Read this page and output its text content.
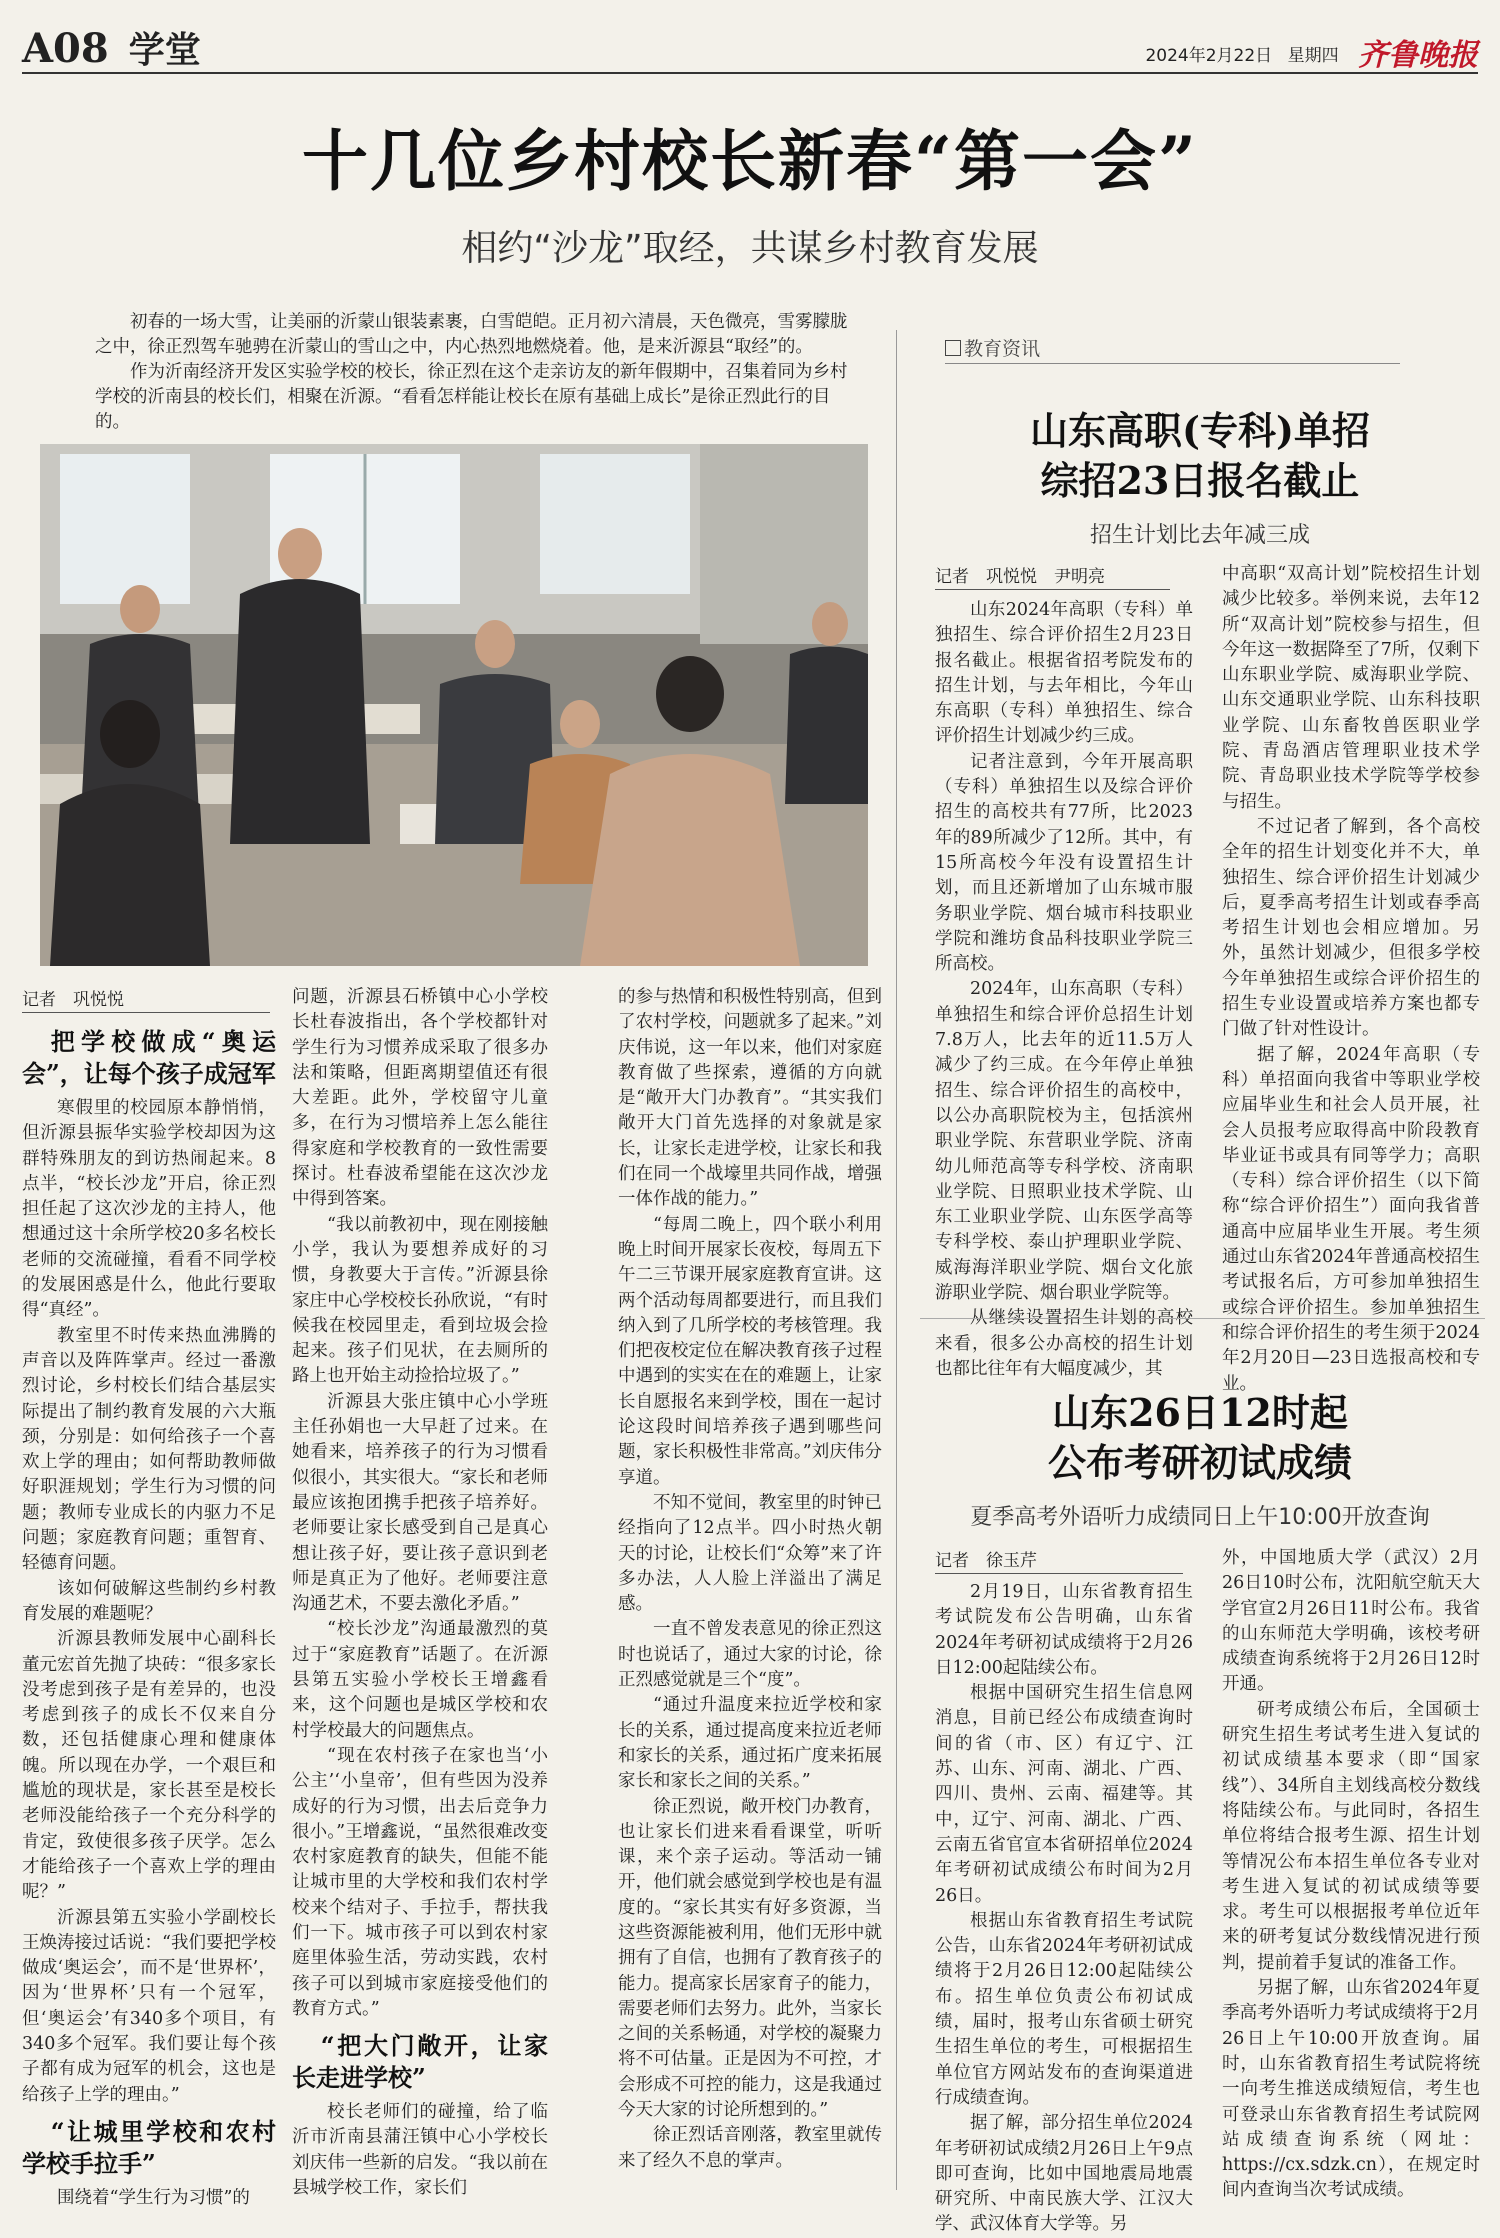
A08 学堂	2024年2月22日 星期四 齐鲁晚报
十几位乡村校长新春“第一会”
相约“沙龙”取经，共谋乡村教育发展

初春的一场大雪，让美丽的沂蒙山银装素裹，白雪皑皑。正月初六清晨，天色微亮，雪雾朦胧之中，徐正烈驾车驰骋在沂蒙山的雪山之中，内心热烈地燃烧着。他，是来沂源县“取经”的。

作为沂南经济开发区实验学校的校长，徐正烈在这个走亲访友的新年假期中，召集着同为乡村学校的沂南县的校长们，相聚在沂源。“看看怎样能让校长在原有基础上成长”是徐正烈此行的目的。

记者　巩悦悦
把学校做成“奥运会”，让每个孩子成冠军

寒假里的校园原本静悄悄，但沂源县振华实验学校却因为这群特殊朋友的到访热闹起来。8点半，“校长沙龙”开启，徐正烈担任起了这次沙龙的主持人，他想通过这十余所学校20多名校长老师的交流碰撞，看看不同学校的发展困惑是什么，他此行要取得“真经”。

教室里不时传来热血沸腾的声音以及阵阵掌声。经过一番激烈讨论，乡村校长们结合基层实际提出了制约教育发展的六大瓶颈，分别是：如何给孩子一个喜欢上学的理由；如何帮助教师做好职涯规划；学生行为习惯的问题；教师专业成长的内驱力不足问题；家庭教育问题；重智育、轻德育问题。

该如何破解这些制约乡村教育发展的难题呢？

沂源县教师发展中心副科长董元宏首先抛了块砖：“很多家长没考虑到孩子是有差异的，也没考虑到孩子的成长不仅来自分数，还包括健康心理和健康体魄。所以现在办学，一个艰巨和尴尬的现状是，家长甚至是校长老师没能给孩子一个充分科学的肯定，致使很多孩子厌学。怎么才能给孩子一个喜欢上学的理由呢？”

沂源县第五实验小学副校长王焕涛接过话说：“我们要把学校做成‘奥运会’，而不是‘世界杯’，因为‘世界杯’只有一个冠军，但‘奥运会’有340多个项目，有340多个冠军。我们要让每个孩子都有成为冠军的机会，这也是给孩子上学的理由。”

“让城里学校和农村学校手拉手”

围绕着“学生行为习惯”的

问题，沂源县石桥镇中心小学校长杜春波指出，各个学校都针对学生行为习惯养成采取了很多办法和策略，但距离期望值还有很大差距。此外，学校留守儿童多，在行为习惯培养上怎么能往得家庭和学校教育的一致性需要探讨。杜春波希望能在这次沙龙中得到答案。

“我以前教初中，现在刚接触小学，我认为要想养成好的习惯，身教要大于言传。”沂源县徐家庄中心学校校长孙欣说，“有时候我在校园里走，看到垃圾会捡起来。孩子们见状，在去厕所的路上也开始主动捡拾垃圾了。”

沂源县大张庄镇中心小学班主任孙娟也一大早赶了过来。在她看来，培养孩子的行为习惯看似很小，其实很大。“家长和老师最应该抱团携手把孩子培养好。老师要让家长感受到自己是真心想让孩子好，要让孩子意识到老师是真正为了他好。老师要注意沟通艺术，不要去激化矛盾。”

“校长沙龙”沟通最激烈的莫过于“家庭教育”话题了。在沂源县第五实验小学校长王增鑫看来，这个问题也是城区学校和农村学校最大的问题焦点。

“现在农村孩子在家也当‘小公主’‘小皇帝’，但有些因为没养成好的行为习惯，出去后竞争力很小。”王增鑫说，“虽然很难改变农村家庭教育的缺失，但能不能让城市里的大学校和我们农村学校来个结对子、手拉手，帮扶我们一下。城市孩子可以到农村家庭里体验生活，劳动实践，农村孩子可以到城市家庭接受他们的教育方式。”

“把大门敞开，让家长走进学校”

校长老师们的碰撞，给了临沂市沂南县蒲汪镇中心小学校长刘庆伟一些新的启发。“我以前在县城学校工作，家长们

的参与热情和积极性特别高，但到了农村学校，问题就多了起来。”刘庆伟说，这一年以来，他们对家庭教育做了些探索，遵循的方向就是“敞开大门办教育”。“其实我们敞开大门首先选择的对象就是家长，让家长走进学校，让家长和我们在同一个战壕里共同作战，增强一体作战的能力。”

“每周二晚上，四个联小利用晚上时间开展家长夜校，每周五下午二三节课开展家庭教育宣讲。这两个活动每周都要进行，而且我们纳入到了几所学校的考核管理。我们把夜校定位在解决教育孩子过程中遇到的实实在在的难题上，让家长自愿报名来到学校，围在一起讨论这段时间培养孩子遇到哪些问题，家长积极性非常高。”刘庆伟分享道。

不知不觉间，教室里的时钟已经指向了12点半。四小时热火朝天的讨论，让校长们“众筹”来了许多办法，人人脸上洋溢出了满足感。

一直不曾发表意见的徐正烈这时也说话了，通过大家的讨论，徐正烈感觉就是三个“度”。

“通过升温度来拉近学校和家长的关系，通过提高度来拉近老师和家长的关系，通过拓广度来拓展家长和家长之间的关系。”

徐正烈说，敞开校门办教育，也让家长们进来看看课堂，听听课，来个亲子运动。等活动一铺开，他们就会感觉到学校也是有温度的。“家长其实有好多资源，当这些资源能被利用，他们无形中就拥有了自信，也拥有了教育孩子的能力。提高家长居家育子的能力，需要老师们去努力。此外，当家长之间的关系畅通，对学校的凝聚力将不可估量。正是因为不可控，才会形成不可控的能力，这是我通过今天大家的讨论所想到的。”

徐正烈话音刚落，教室里就传来了经久不息的掌声。

教育资讯
山东高职(专科)单招
综招23日报名截止
招生计划比去年减三成
记者　巩悦悦　尹明亮

山东2024年高职（专科）单独招生、综合评价招生2月23日报名截止。根据省招考院发布的招生计划，与去年相比，今年山东高职（专科）单独招生、综合评价招生计划减少约三成。

记者注意到，今年开展高职（专科）单独招生以及综合评价招生的高校共有77所，比2023年的89所减少了12所。其中，有15所高校今年没有设置招生计划，而且还新增加了山东城市服务职业学院、烟台城市科技职业学院和潍坊食品科技职业学院三所高校。

2024年，山东高职（专科）单独招生和综合评价总招生计划7.8万人，比去年的近11.5万人减少了约三成。在今年停止单独招生、综合评价招生的高校中，以公办高职院校为主，包括滨州职业学院、东营职业学院、济南幼儿师范高等专科学校、济南职业学院、日照职业技术学院、山东工业职业学院、山东医学高等专科学校、泰山护理职业学院、威海海洋职业学院、烟台文化旅游职业学院、烟台职业学院等。

从继续设置招生计划的高校来看，很多公办高校的招生计划也都比往年有大幅度减少，其

中高职“双高计划”院校招生计划减少比较多。举例来说，去年12所“双高计划”院校参与招生，但今年这一数据降至了7所，仅剩下山东职业学院、威海职业学院、山东交通职业学院、山东科技职业学院、山东畜牧兽医职业学院、青岛酒店管理职业技术学院、青岛职业技术学院等学校参与招生。

不过记者了解到，各个高校全年的招生计划变化并不大，单独招生、综合评价招生计划减少后，夏季高考招生计划或春季高考招生计划也会相应增加。另外，虽然计划减少，但很多学校今年单独招生或综合评价招生的招生专业设置或培养方案也都专门做了针对性设计。

据了解，2024年高职（专科）单招面向我省中等职业学校应届毕业生和社会人员开展，社会人员报考应取得高中阶段教育毕业证书或具有同等学力；高职（专科）综合评价招生（以下简称“综合评价招生”）面向我省普通高中应届毕业生开展。考生须通过山东省2024年普通高校招生考试报名后，方可参加单独招生或综合评价招生。参加单独招生和综合评价招生的考生须于2024年2月20日—23日选报高校和专业。

山东26日12时起
公布考研初试成绩
夏季高考外语听力成绩同日上午10:00开放查询
记者　徐玉芹

2月19日，山东省教育招生考试院发布公告明确，山东省2024年考研初试成绩将于2月26日12:00起陆续公布。

根据中国研究生招生信息网消息，目前已经公布成绩查询时间的省（市、区）有辽宁、江苏、山东、河南、湖北、广西、四川、贵州、云南、福建等。其中，辽宁、河南、湖北、广西、云南五省官宣本省研招单位2024年考研初试成绩公布时间为2月26日。

根据山东省教育招生考试院公告，山东省2024年考研初试成绩将于2月26日12:00起陆续公布。招生单位负责公布初试成绩，届时，报考山东省硕士研究生招生单位的考生，可根据招生单位官方网站发布的查询渠道进行成绩查询。

据了解，部分招生单位2024年考研初试成绩2月26日上午9点即可查询，比如中国地震局地震研究所、中南民族大学、江汉大学、武汉体育大学等。另

外，中国地质大学（武汉）2月26日10时公布，沈阳航空航天大学官宣2月26日11时公布。我省的山东师范大学明确，该校考研成绩查询系统将于2月26日12时开通。

研考成绩公布后，全国硕士研究生招生考试考生进入复试的初试成绩基本要求（即“国家线”）、34所自主划线高校分数线将陆续公布。与此同时，各招生单位将结合报考生源、招生计划等情况公布本招生单位各专业对考生进入复试的初试成绩等要求。考生可以根据报考单位近年来的研考复试分数线情况进行预判，提前着手复试的准备工作。

另据了解，山东省2024年夏季高考外语听力考试成绩将于2月26日上午10:00开放查询。届时，山东省教育招生考试院将统一向考生推送成绩短信，考生也可登录山东省教育招生考试院网站成绩查询系统（网址：https://cx.sdzk.cn），在规定时间内查询当次考试成绩。
